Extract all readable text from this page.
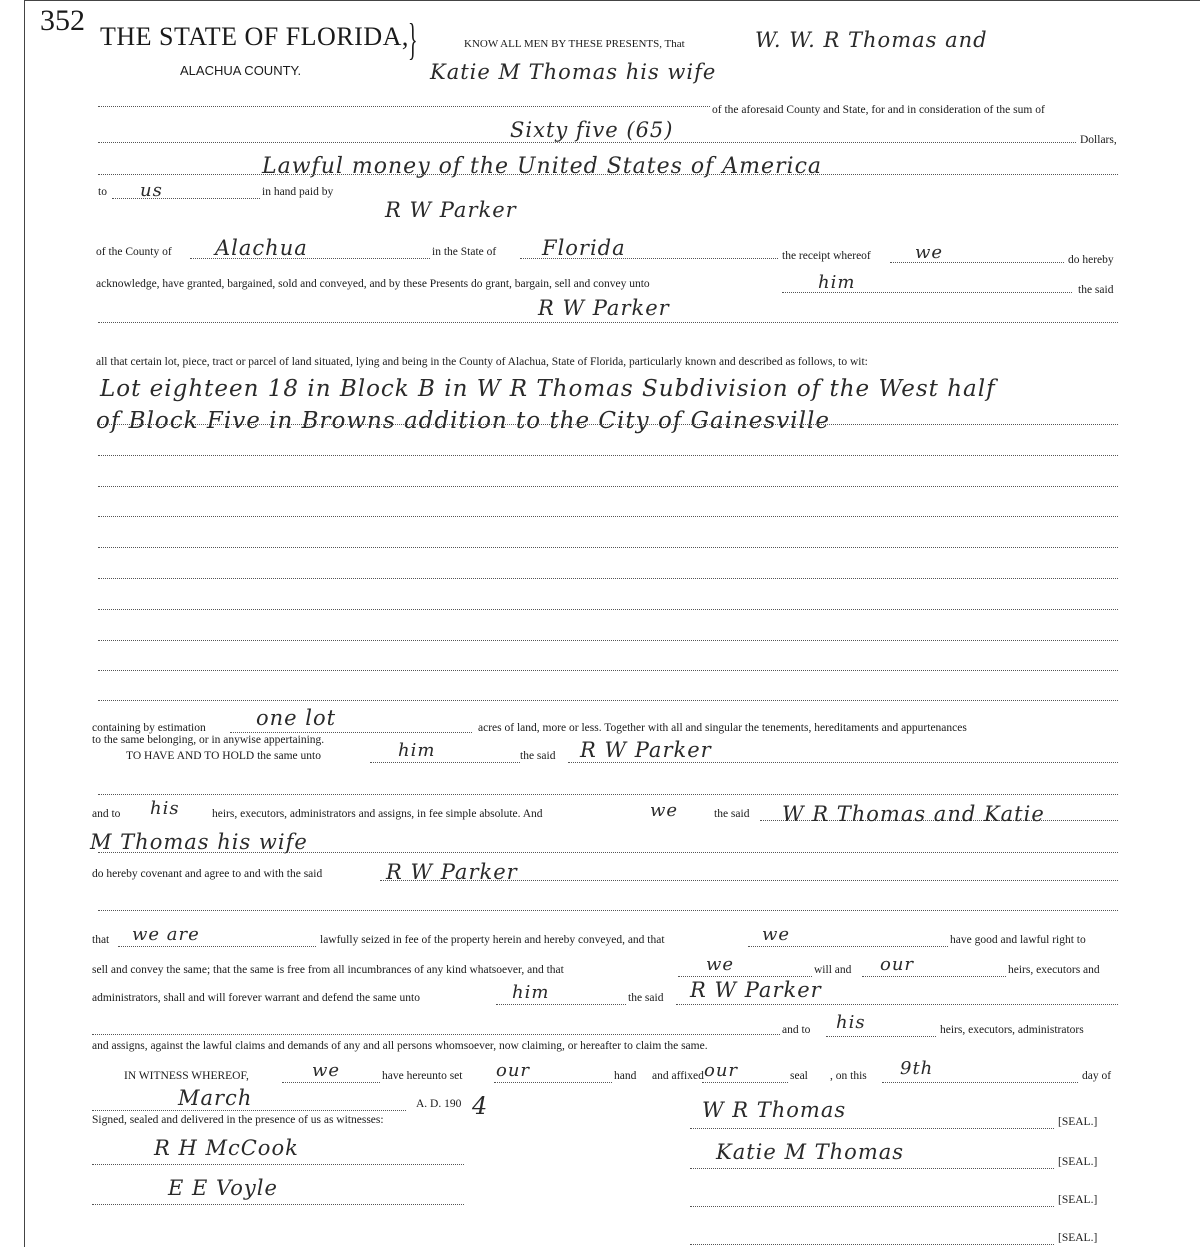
352 THE STATE OF FLORIDA, }
ALACHUA COUNTY.
KNOW ALL MEN BY THESE PRESENTS, That	W. W. R Thomas and
Katie M Thomas his wife
of the aforesaid County and State, for and in consideration of the sum of
Sixty five (65)	Dollars,
Lawful money of the United States of America
to us	in hand paid by
R W Parker
of the County of Alachua	in the State of Florida	the receipt whereof we	do hereby
acknowledge, have granted, bargained, sold and conveyed, and by these Presents do grant, bargain, sell and convey unto	him	the said
R W Parker
all that certain lot, piece, tract or parcel of land situated, lying and being in the County of Alachua, State of Florida, particularly known and described as follows, to wit:
Lot eighteen 18 in Block B in W R Thomas Subdivision of the West half
of Block Five in Browns addition to the City of Gainesville
containing by estimation one lot	acres of land, more or less. Together with all and singular the tenements, hereditaments and appurtenances
to the same belonging, or in anywise appertaining.
TO HAVE AND TO HOLD the same unto	him	the said R W Parker
and to his	heirs, executors, administrators and assigns, in fee simple absolute. And	we	the said W R Thomas and Katie
M Thomas his wife
do hereby covenant and agree to and with the said	R W Parker
that we are	lawfully seized in fee of the property herein and hereby conveyed, and that	we	have good and lawful right to
sell and convey the same; that the same is free from all incumbrances of any kind whatsoever, and that	we	will and our	heirs, executors and
administrators, shall and will forever warrant and defend the same unto	him	the said R W Parker
and to his	heirs, executors, administrators
and assigns, against the lawful claims and demands of any and all persons whomsoever, now claiming, or hereafter to claim the same.
IN WITNESS WHEREOF,	we	have hereunto set our	hand and affixed our	seal , on this 9th	day of
March	A. D. 190 4
Signed, sealed and delivered in the presence of us as witnesses:	W R Thomas	[SEAL.]
R H McCook	Katie M Thomas	[SEAL.]
E E Voyle	[SEAL.]
[SEAL.]
